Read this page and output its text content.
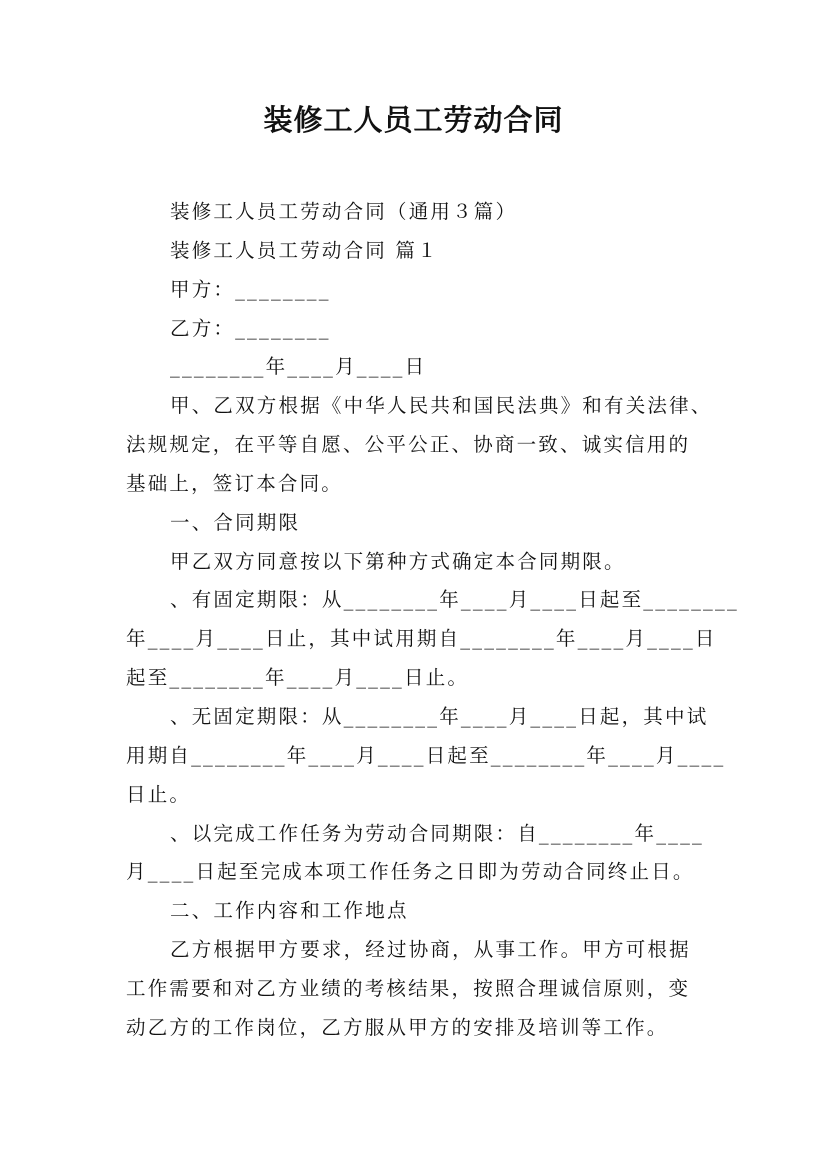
装修工人员工劳动合同
装修工人员工劳动合同（通用３篇）
装修工人员工劳动合同 篇１
甲方：________
乙方：________
________年____月____日
甲、乙双方根据《中华人民共和国民法典》和有关法律、
法规规定，在平等自愿、公平公正、协商一致、诚实信用的
基础上，签订本合同。
一、合同期限
甲乙双方同意按以下第种方式确定本合同期限。
、有固定期限：从________年____月____日起至________
年____月____日止，其中试用期自________年____月____日
起至________年____月____日止。
、无固定期限：从________年____月____日起，其中试
用期自________年____月____日起至________年____月____
日止。
、以完成工作任务为劳动合同期限：自________年____
月____日起至完成本项工作任务之日即为劳动合同终止日。
二、工作内容和工作地点
乙方根据甲方要求，经过协商，从事工作。甲方可根据
工作需要和对乙方业绩的考核结果，按照合理诚信原则，变
动乙方的工作岗位，乙方服从甲方的安排及培训等工作。
